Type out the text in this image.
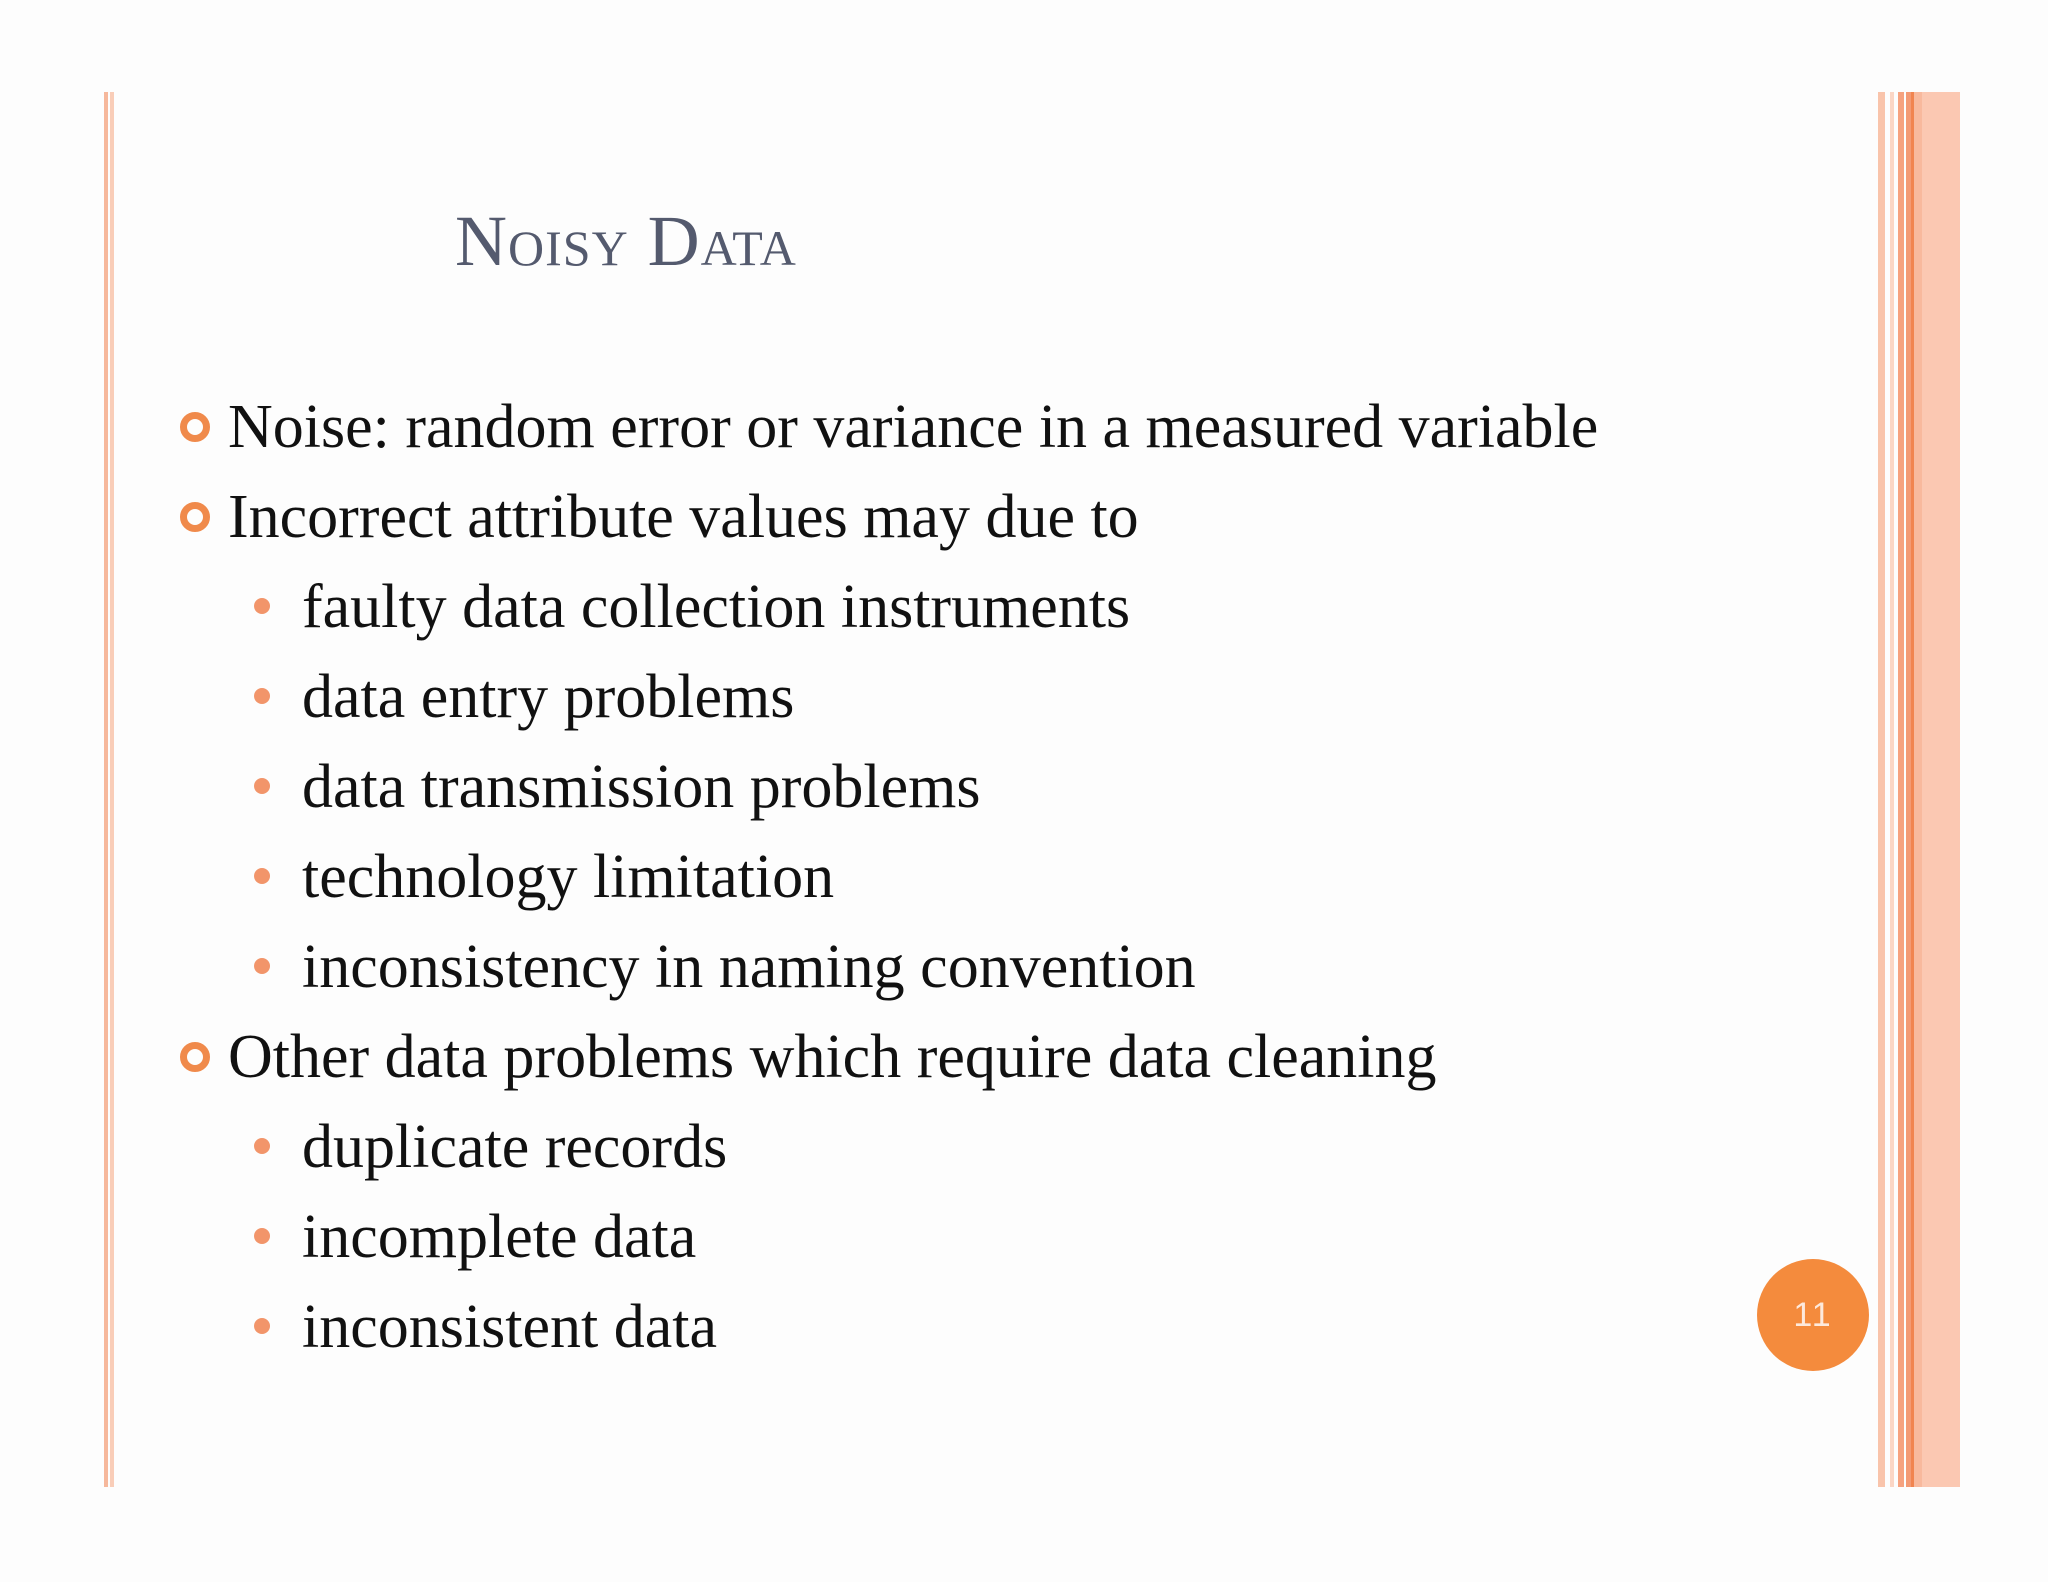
Noisy Data
Noise: random error or variance in a measured variable
Incorrect attribute values may due to
faulty data collection instruments
data entry problems
data transmission problems
technology limitation
inconsistency in naming convention
Other data problems which require data cleaning
duplicate records
incomplete data
inconsistent data	11
